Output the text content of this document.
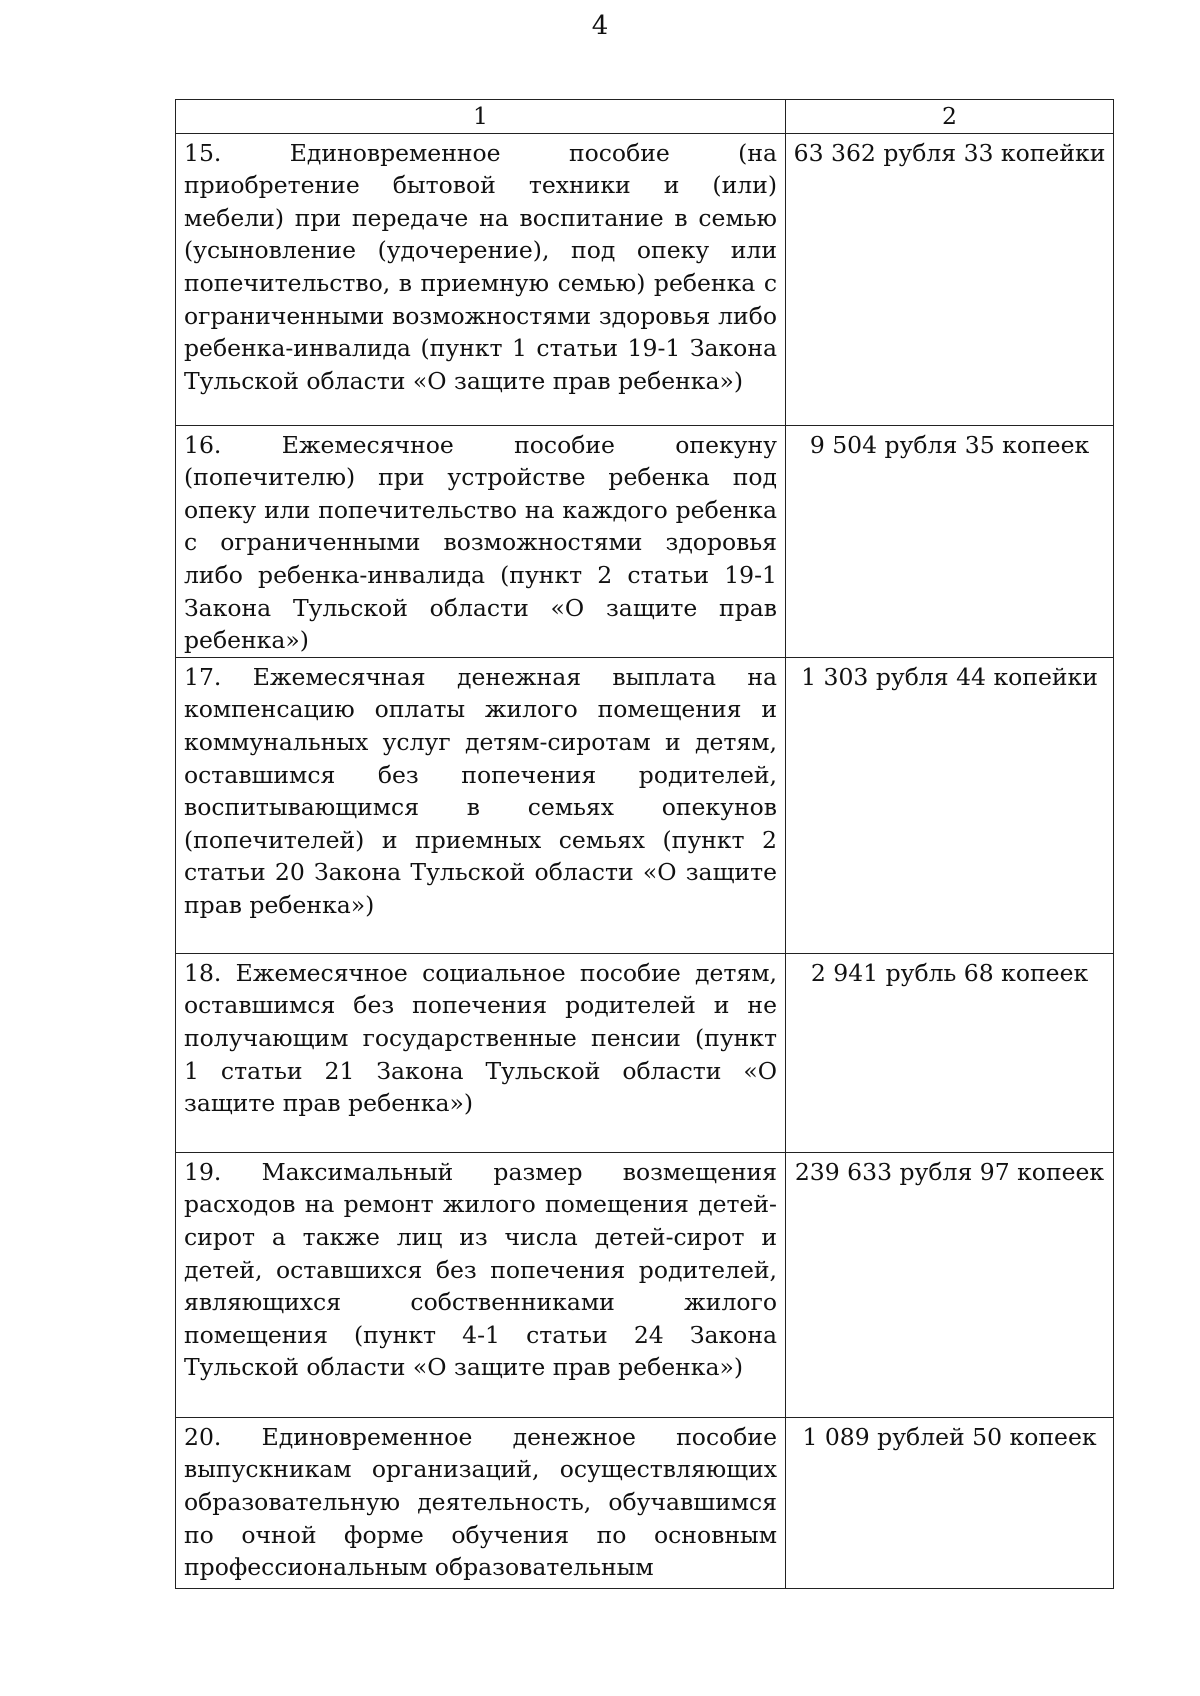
4
1	2
15. Единовременное пособие (на приобретение бытовой техники и (или) мебели) при передаче на воспитание в семью (усыновление (удочерение), под опеку или попечительство, в приемную семью) ребенка с ограниченными возможностями здоровья либо ребенка-инвалида (пункт 1 статьи 19-1 Закона Тульской области «О защите прав ребенка»)	63 362 рубля 33 копейки
16. Ежемесячное пособие опекуну (попечителю) при устройстве ребенка под опеку или попечительство на каждого ребенка с ограниченными возможностями здоровья либо ребенка-инвалида (пункт 2 статьи 19-1 Закона Тульской области «О защите прав ребенка»)	9 504 рубля 35 копеек
17. Ежемесячная денежная выплата на компенсацию оплаты жилого помещения и коммунальных услуг детям-сиротам и детям, оставшимся без попечения родителей, воспитывающимся в семьях опекунов (попечителей) и приемных семьях (пункт 2 статьи 20 Закона Тульской области «О защите прав ребенка»)	1 303 рубля 44 копейки
18. Ежемесячное социальное пособие детям, оставшимся без попечения родителей и не получающим государственные пенсии (пункт 1 статьи 21 Закона Тульской области «О защите прав ребенка»)	2 941 рубль 68 копеек
19. Максимальный размер возмещения расходов на ремонт жилого помещения детей-сирот а также лиц из числа детей-сирот и детей, оставшихся без попечения родителей, являющихся собственниками жилого помещения (пункт 4-1 статьи 24 Закона Тульской области «О защите прав ребенка»)	239 633 рубля 97 копеек

20. Единовременное денежное пособие выпускникам организаций, осуществляющих образовательную деятельность, обучавшимся по очной форме обучения по основным профессиональным образовательным	1 089 рублей 50 копеек
